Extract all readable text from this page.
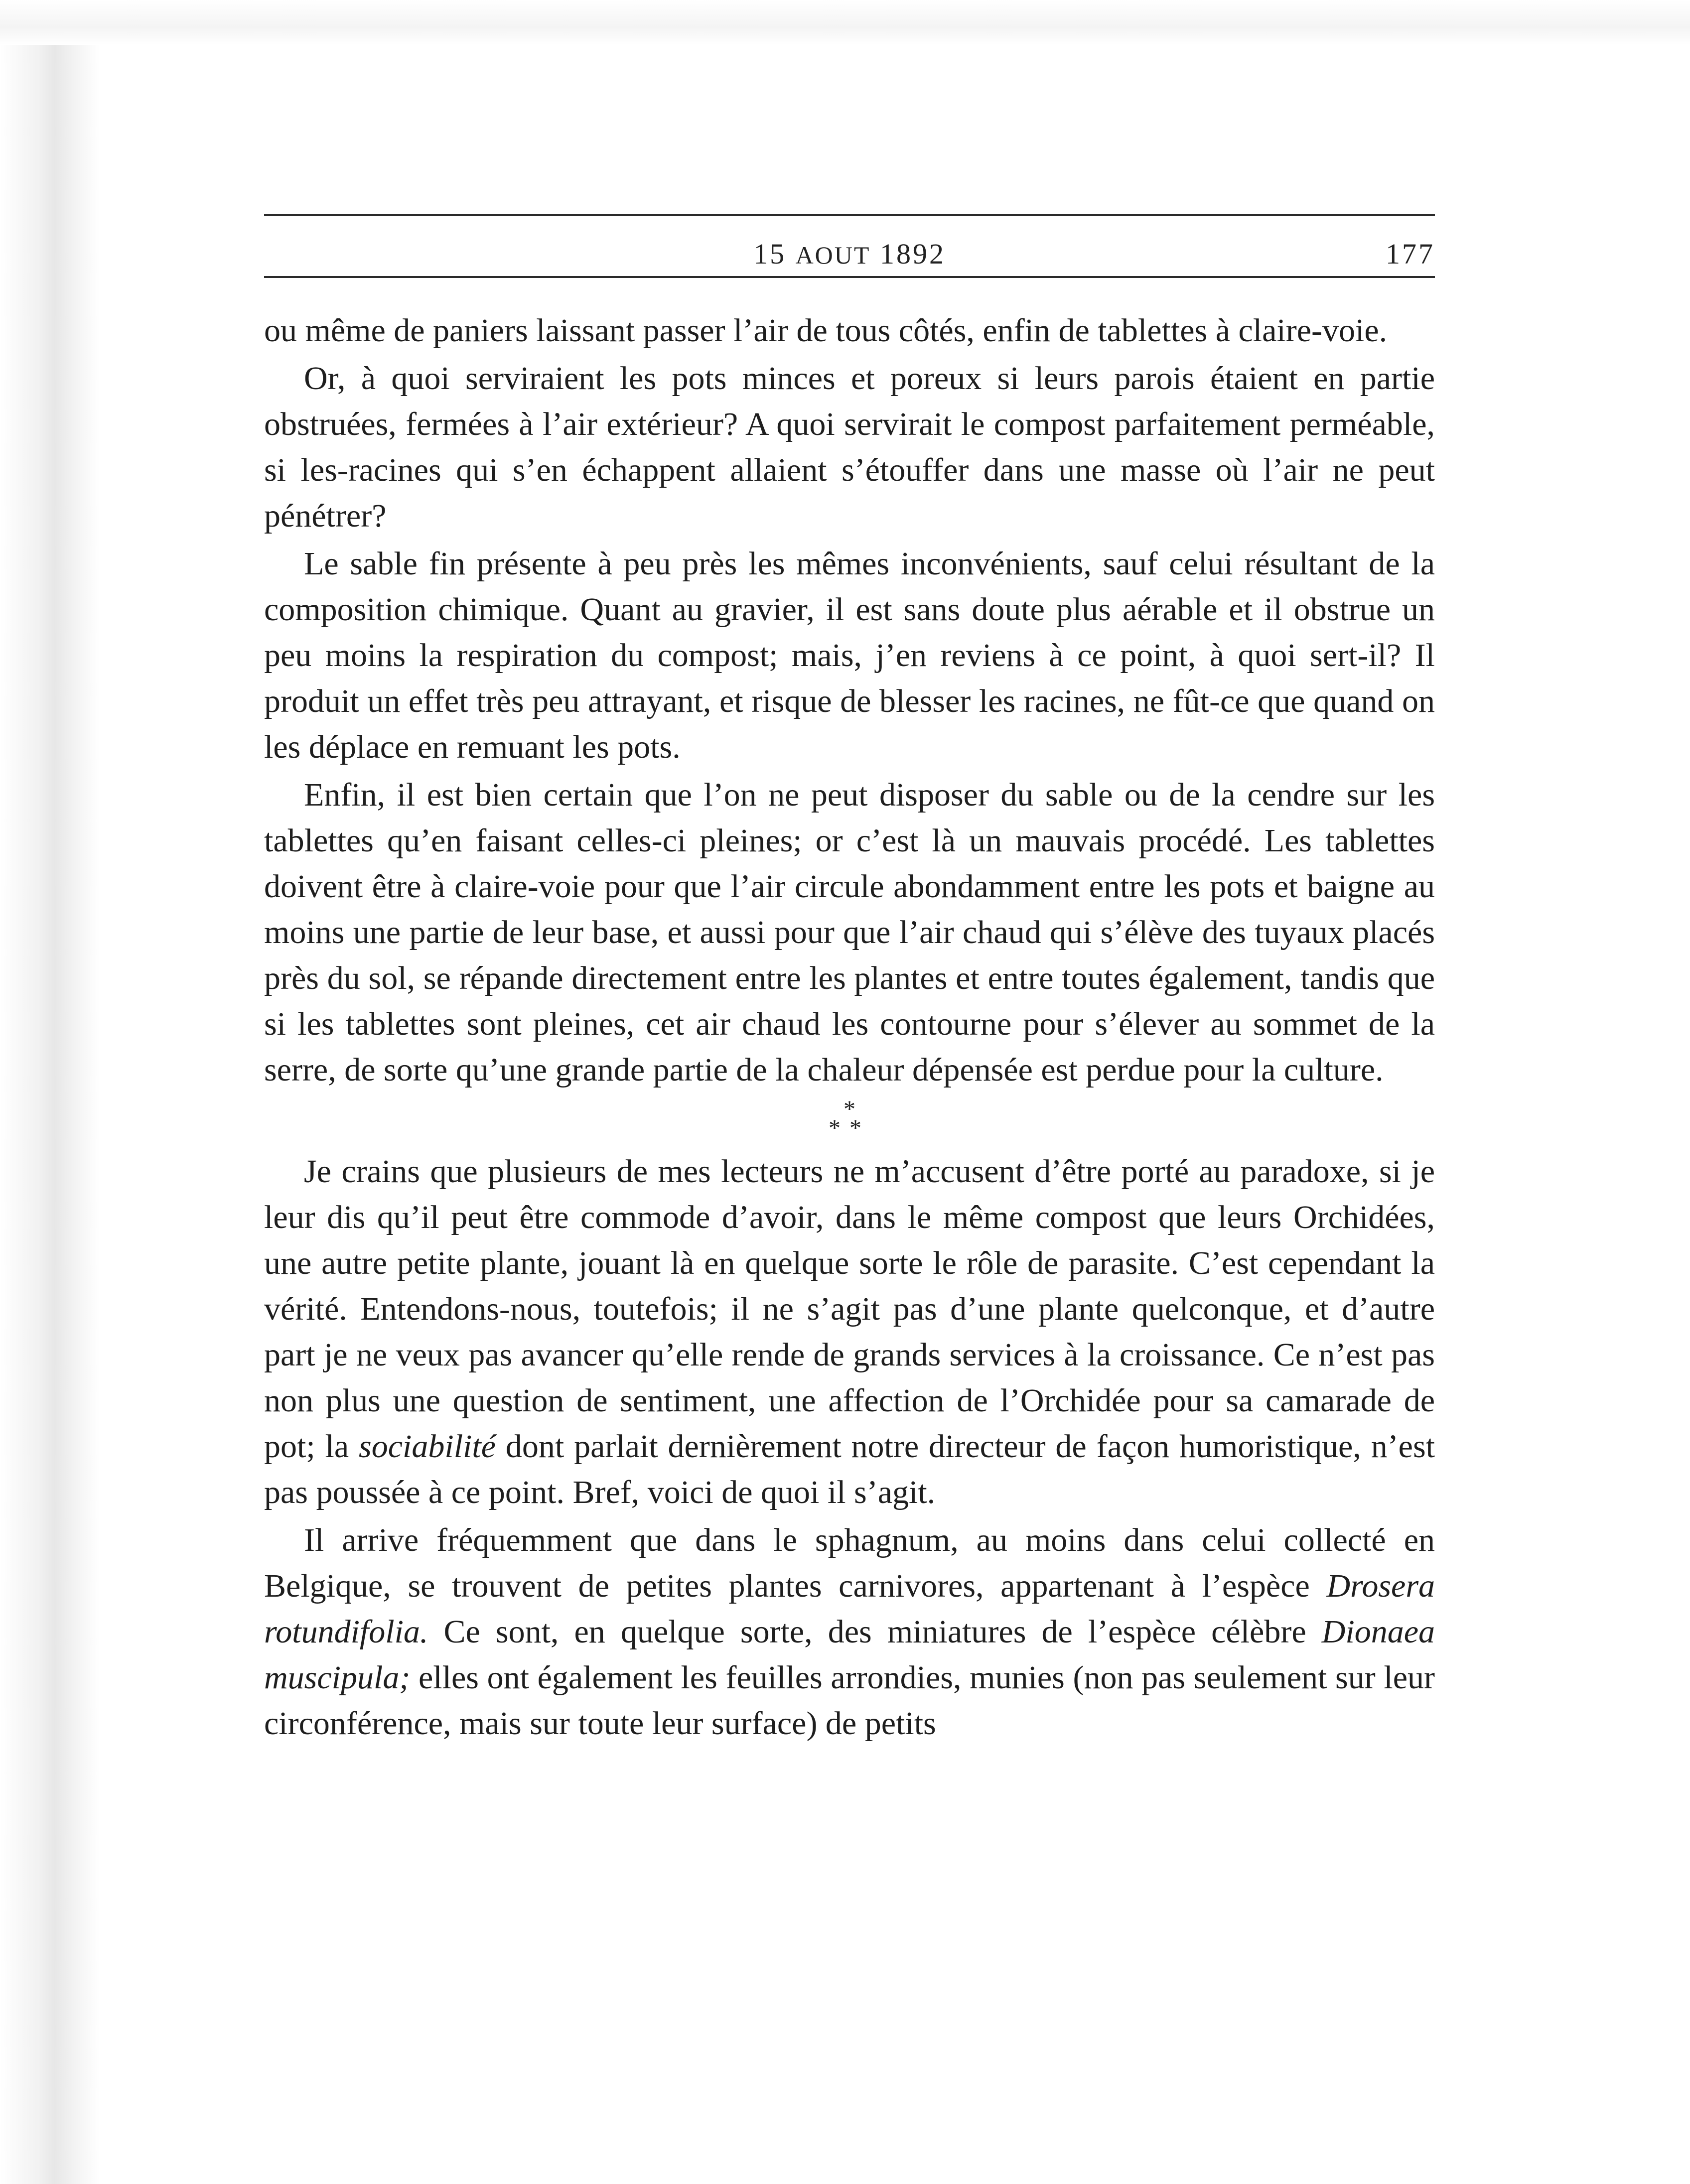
15 AOUT 1892	177

ou même de paniers laissant passer l’air de tous côtés, enfin de tablettes à claire-voie.

Or, à quoi serviraient les pots minces et poreux si leurs parois étaient en partie obstruées, fermées à l’air extérieur? A quoi servirait le compost parfaitement perméable, si les-racines qui s’en échappent allaient s’étouffer dans une masse où l’air ne peut pénétrer?

Le sable fin présente à peu près les mêmes inconvénients, sauf celui résultant de la composition chimique. Quant au gravier, il est sans doute plus aérable et il obstrue un peu moins la respiration du compost; mais, j’en reviens à ce point, à quoi sert-il? Il produit un effet très peu attrayant, et risque de blesser les racines, ne fût-ce que quand on les déplace en remuant les pots.

Enfin, il est bien certain que l’on ne peut disposer du sable ou de la cendre sur les tablettes qu’en faisant celles-ci pleines; or c’est là un mauvais procédé. Les tablettes doivent être à claire-voie pour que l’air circule abondamment entre les pots et baigne au moins une partie de leur base, et aussi pour que l’air chaud qui s’élève des tuyaux placés près du sol, se répande directement entre les plantes et entre toutes également, tandis que si les tablettes sont pleines, cet air chaud les contourne pour s’élever au sommet de la serre, de sorte qu’une grande partie de la chaleur dépensée est perdue pour la culture.

*
**

Je crains que plusieurs de mes lecteurs ne m’accusent d’être porté au paradoxe, si je leur dis qu’il peut être commode d’avoir, dans le même compost que leurs Orchidées, une autre petite plante, jouant là en quelque sorte le rôle de parasite. C’est cependant la vérité. Entendons-nous, toutefois; il ne s’agit pas d’une plante quelconque, et d’autre part je ne veux pas avancer qu’elle rende de grands services à la croissance. Ce n’est pas non plus une question de sentiment, une affection de l’Orchidée pour sa camarade de pot; la sociabilité dont parlait dernièrement notre directeur de façon humoristique, n’est pas poussée à ce point. Bref, voici de quoi il s’agit.

Il arrive fréquemment que dans le sphagnum, au moins dans celui collecté en Belgique, se trouvent de petites plantes carnivores, appartenant à l’espèce Drosera rotundifolia. Ce sont, en quelque sorte, des miniatures de l’espèce célèbre Dionaea muscipula; elles ont également les feuilles arrondies, munies (non pas seulement sur leur circonférence, mais sur toute leur surface) de petits
